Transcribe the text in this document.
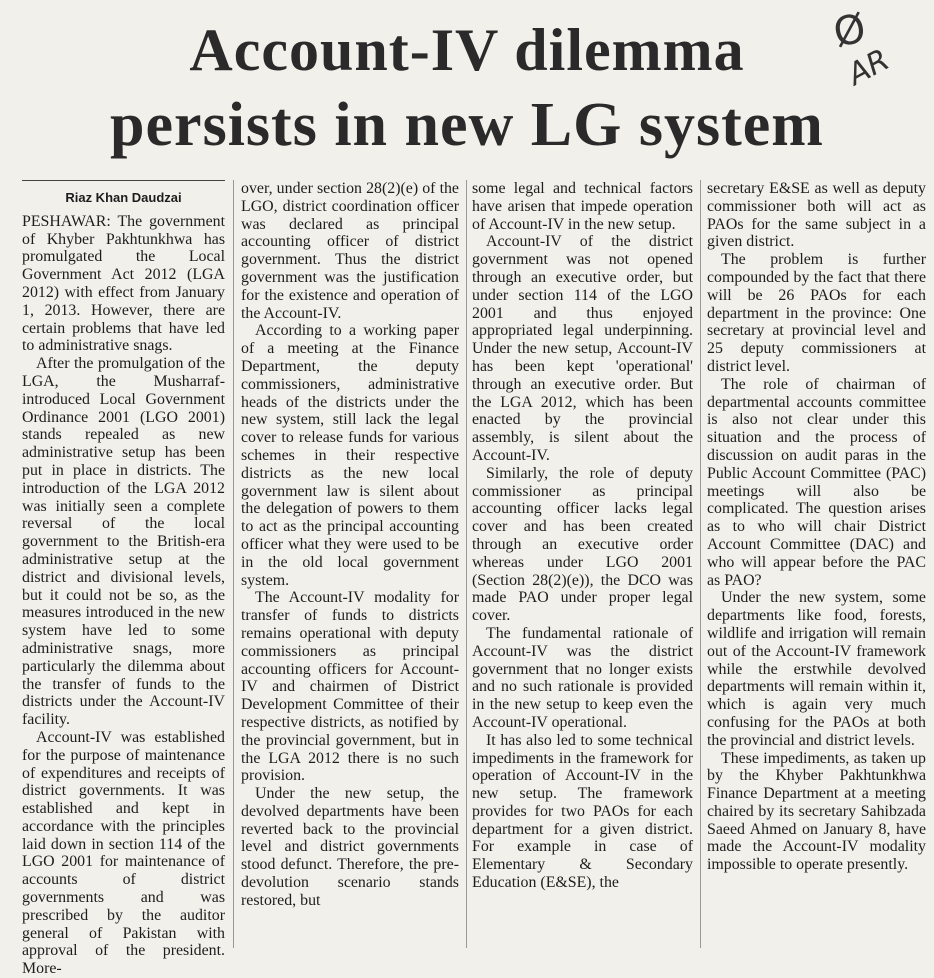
Account-IV dilemma
persists in new LG system
Ø
AR
Riaz Khan Daudzai

PESHAWAR: The government of Khyber Pakhtunkhwa has promulgated the Local Government Act 2012 (LGA 2012) with effect from January 1, 2013. However, there are certain problems that have led to administrative snags.

After the promulgation of the LGA, the Musharraf-introduced Local Government Ordinance 2001 (LGO 2001) stands repealed as new administrative setup has been put in place in districts. The introduction of the LGA 2012 was initially seen a complete reversal of the local government to the British-era administrative setup at the district and divisional levels, but it could not be so, as the measures introduced in the new system have led to some administrative snags, more particularly the dilemma about the transfer of funds to the districts under the Account-IV facility.

Account-IV was established for the purpose of maintenance of expenditures and receipts of district governments. It was established and kept in accordance with the principles laid down in section 114 of the LGO 2001 for maintenance of accounts of district governments and was prescribed by the auditor general of Pakistan with approval of the president. More-

over, under section 28(2)(e) of the LGO, district coordination officer was declared as principal accounting officer of district government. Thus the district government was the justification for the existence and operation of the Account-IV.

According to a working paper of a meeting at the Finance Department, the deputy commissioners, administrative heads of the districts under the new system, still lack the legal cover to release funds for various schemes in their respective districts as the new local government law is silent about the delegation of powers to them to act as the principal accounting officer what they were used to be in the old local government system.

The Account-IV modality for transfer of funds to districts remains operational with deputy commissioners as principal accounting officers for Account-IV and chairmen of District Development Committee of their respective districts, as notified by the provincial government, but in the LGA 2012 there is no such provision.

Under the new setup, the devolved departments have been reverted back to the provincial level and district governments stood defunct. Therefore, the pre-devolution scenario stands restored, but

some legal and technical factors have arisen that impede operation of Account-IV in the new setup.

Account-IV of the district government was not opened through an executive order, but under section 114 of the LGO 2001 and thus enjoyed appropriated legal underpinning. Under the new setup, Account-IV has been kept 'operational' through an executive order. But the LGA 2012, which has been enacted by the provincial assembly, is silent about the Account-IV.

Similarly, the role of deputy commissioner as principal accounting officer lacks legal cover and has been created through an executive order whereas under LGO 2001 (Section 28(2)(e)), the DCO was made PAO under proper legal cover.

The fundamental rationale of Account-IV was the district government that no longer exists and no such rationale is provided in the new setup to keep even the Account-IV operational.

It has also led to some technical impediments in the framework for operation of Account-IV in the new setup. The framework provides for two PAOs for each department for a given district. For example in case of Elementary & Secondary Education (E&SE), the

secretary E&SE as well as deputy commissioner both will act as PAOs for the same subject in a given district.

The problem is further compounded by the fact that there will be 26 PAOs for each department in the province: One secretary at provincial level and 25 deputy commissioners at district level.

The role of chairman of departmental accounts committee is also not clear under this situation and the process of discussion on audit paras in the Public Account Committee (PAC) meetings will also be complicated. The question arises as to who will chair District Account Committee (DAC) and who will appear before the PAC as PAO?

Under the new system, some departments like food, forests, wildlife and irrigation will remain out of the Account-IV framework while the erstwhile devolved departments will remain within it, which is again very much confusing for the PAOs at both the provincial and district levels.

These impediments, as taken up by the Khyber Pakhtunkhwa Finance Department at a meeting chaired by its secretary Sahibzada Saeed Ahmed on January 8, have made the Account-IV modality impossible to operate presently.
